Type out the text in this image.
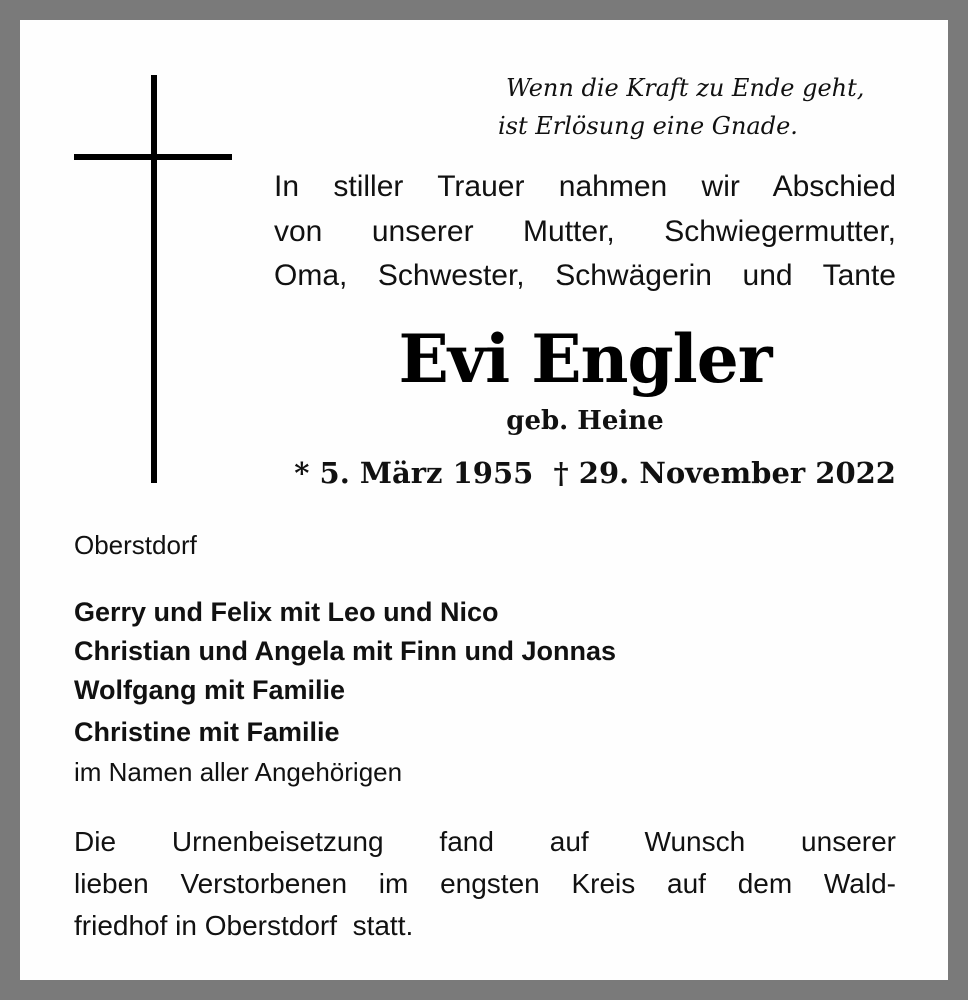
Wenn die Kraft zu Ende geht,

ist Erlösung eine Gnade.

In stiller Trauer nahmen wir Abschied

von unserer Mutter, Schwiegermutter,

Oma, Schwester, Schwägerin und Tante

Evi Engler

geb. Heine

* 5. März 1955  † 29. November 2022

Oberstdorf

Gerry und Felix mit Leo und Nico

Christian und Angela mit Finn und Jonnas

Wolfgang mit Familie

Christine mit Familie

im Namen aller Angehörigen

Die Urnenbeisetzung fand auf Wunsch unserer

lieben Verstorbenen im engsten Kreis auf dem Wald-

friedhof in Oberstdorf  statt.
